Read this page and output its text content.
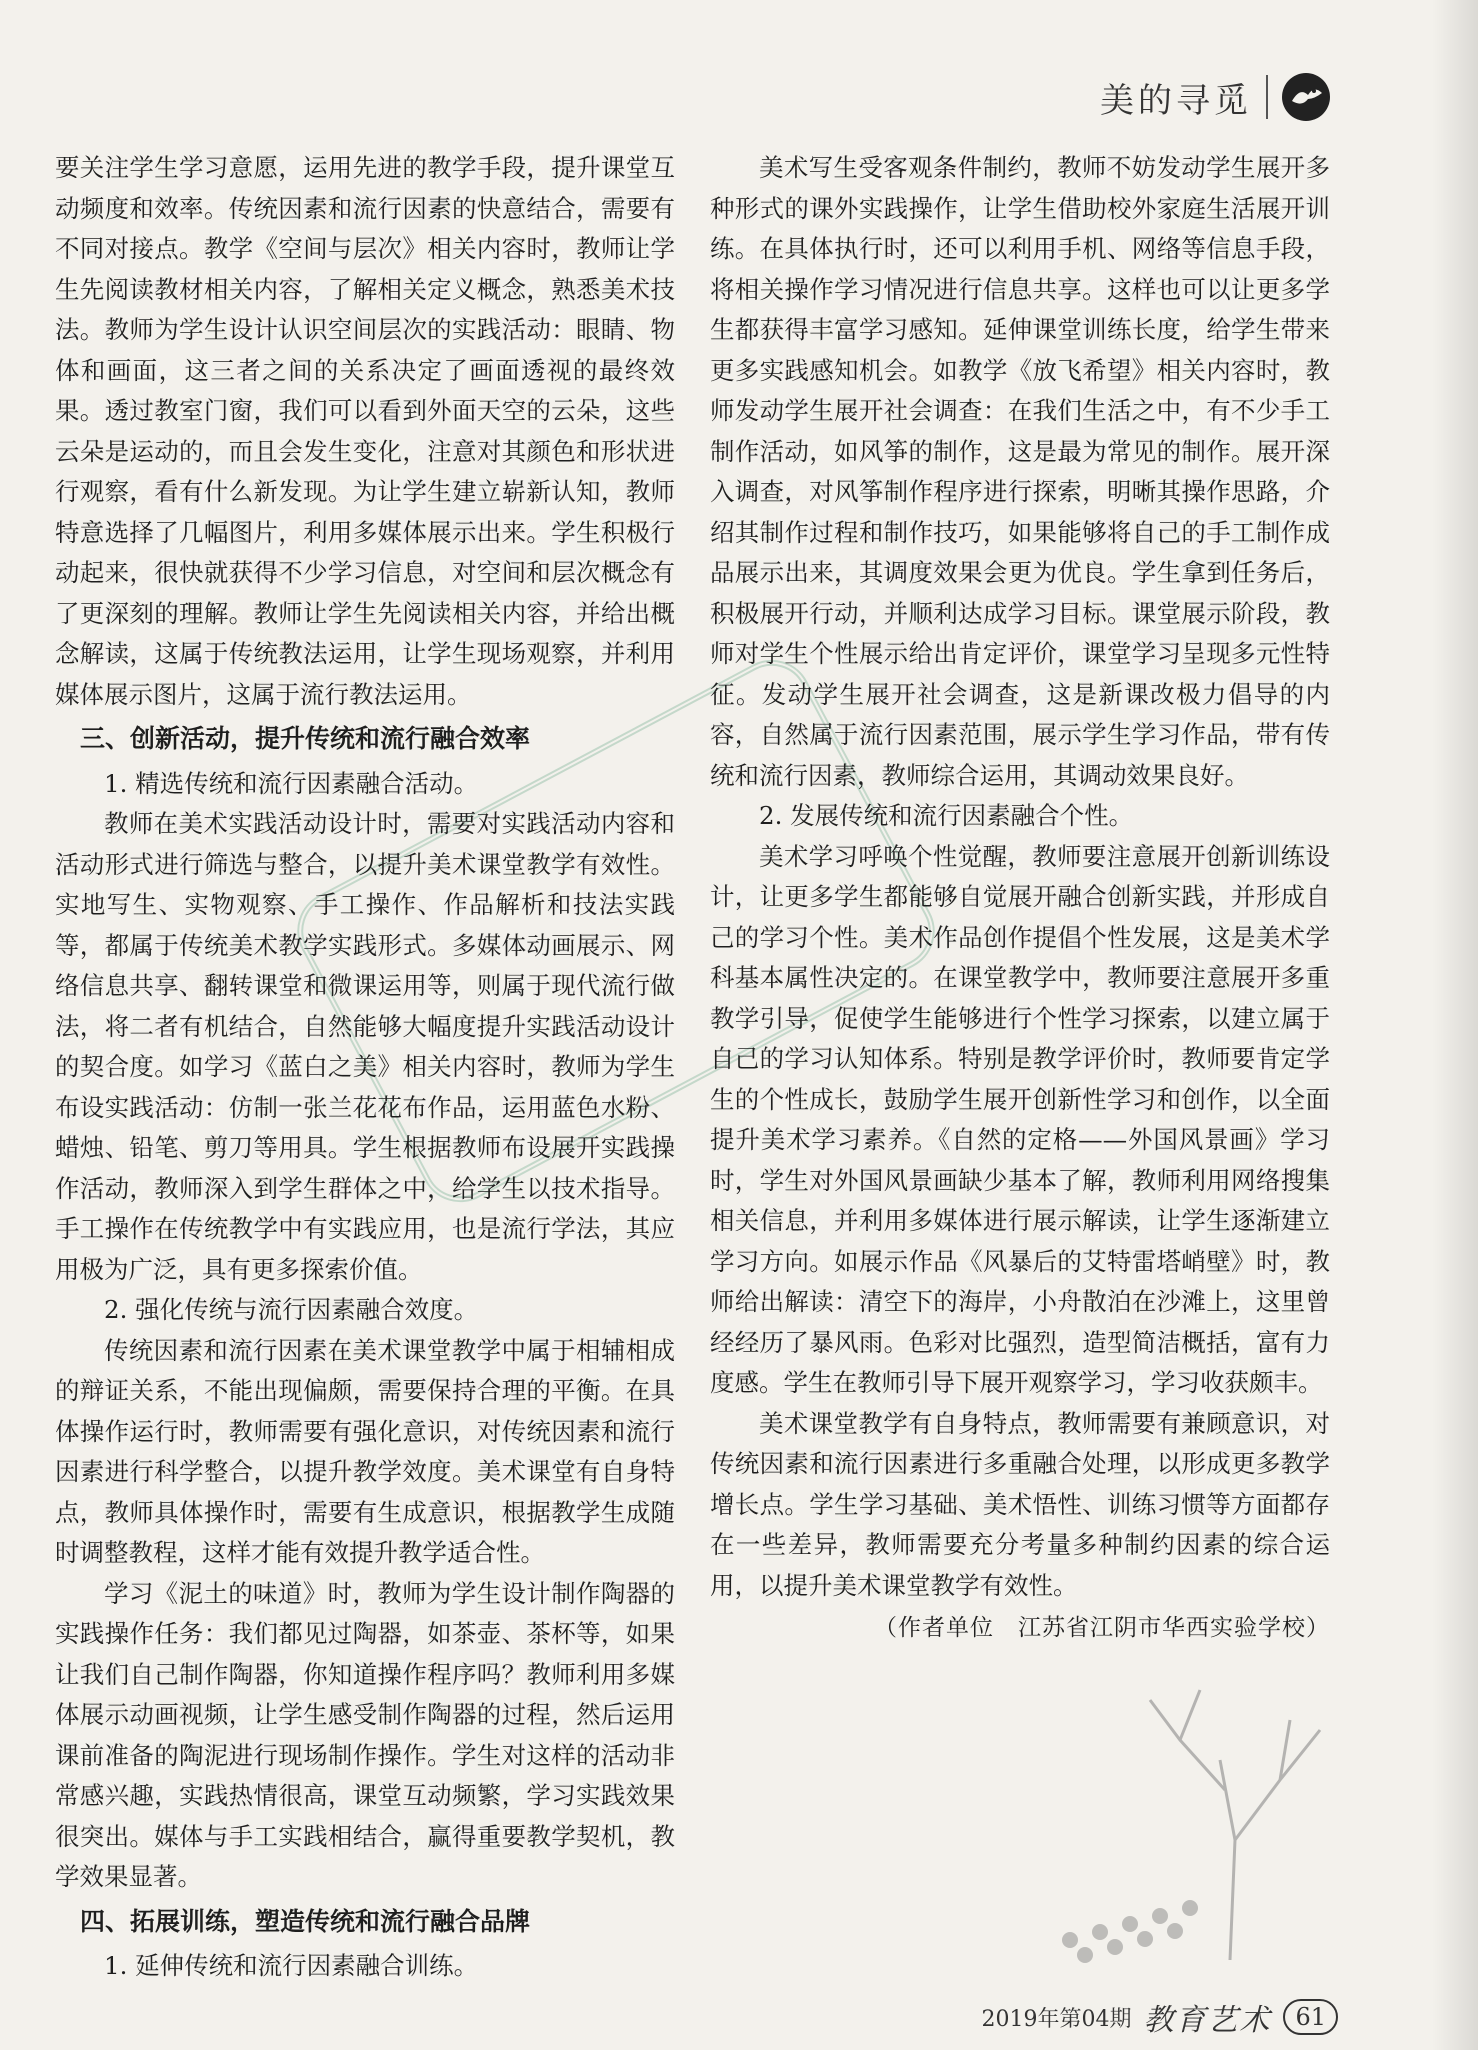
美的寻觅

要关注学生学习意愿，运用先进的教学手段，提升课堂互动频度和效率。传统因素和流行因素的快意结合，需要有不同对接点。教学《空间与层次》相关内容时，教师让学生先阅读教材相关内容，了解相关定义概念，熟悉美术技法。教师为学生设计认识空间层次的实践活动：眼睛、物体和画面，这三者之间的关系决定了画面透视的最终效果。透过教室门窗，我们可以看到外面天空的云朵，这些云朵是运动的，而且会发生变化，注意对其颜色和形状进行观察，看有什么新发现。为让学生建立崭新认知，教师特意选择了几幅图片，利用多媒体展示出来。学生积极行动起来，很快就获得不少学习信息，对空间和层次概念有了更深刻的理解。教师让学生先阅读相关内容，并给出概念解读，这属于传统教法运用，让学生现场观察，并利用媒体展示图片，这属于流行教法运用。

三、创新活动，提升传统和流行融合效率

1. 精选传统和流行因素融合活动。

教师在美术实践活动设计时，需要对实践活动内容和活动形式进行筛选与整合，以提升美术课堂教学有效性。实地写生、实物观察、手工操作、作品解析和技法实践等，都属于传统美术教学实践形式。多媒体动画展示、网络信息共享、翻转课堂和微课运用等，则属于现代流行做法，将二者有机结合，自然能够大幅度提升实践活动设计的契合度。如学习《蓝白之美》相关内容时，教师为学生布设实践活动：仿制一张兰花花布作品，运用蓝色水粉、蜡烛、铅笔、剪刀等用具。学生根据教师布设展开实践操作活动，教师深入到学生群体之中，给学生以技术指导。手工操作在传统教学中有实践应用，也是流行学法，其应用极为广泛，具有更多探索价值。

2. 强化传统与流行因素融合效度。

传统因素和流行因素在美术课堂教学中属于相辅相成的辩证关系，不能出现偏颇，需要保持合理的平衡。在具体操作运行时，教师需要有强化意识，对传统因素和流行因素进行科学整合，以提升教学效度。美术课堂有自身特点，教师具体操作时，需要有生成意识，根据教学生成随时调整教程，这样才能有效提升教学适合性。

学习《泥土的味道》时，教师为学生设计制作陶器的实践操作任务：我们都见过陶器，如茶壶、茶杯等，如果让我们自己制作陶器，你知道操作程序吗？教师利用多媒体展示动画视频，让学生感受制作陶器的过程，然后运用课前准备的陶泥进行现场制作操作。学生对这样的活动非常感兴趣，实践热情很高，课堂互动频繁，学习实践效果很突出。媒体与手工实践相结合，赢得重要教学契机，教学效果显著。

四、拓展训练，塑造传统和流行融合品牌

1. 延伸传统和流行因素融合训练。

美术写生受客观条件制约，教师不妨发动学生展开多种形式的课外实践操作，让学生借助校外家庭生活展开训练。在具体执行时，还可以利用手机、网络等信息手段，将相关操作学习情况进行信息共享。这样也可以让更多学生都获得丰富学习感知。延伸课堂训练长度，给学生带来更多实践感知机会。如教学《放飞希望》相关内容时，教师发动学生展开社会调查：在我们生活之中，有不少手工制作活动，如风筝的制作，这是最为常见的制作。展开深入调查，对风筝制作程序进行探索，明晰其操作思路，介绍其制作过程和制作技巧，如果能够将自己的手工制作成品展示出来，其调度效果会更为优良。学生拿到任务后，积极展开行动，并顺利达成学习目标。课堂展示阶段，教师对学生个性展示给出肯定评价，课堂学习呈现多元性特征。发动学生展开社会调查，这是新课改极力倡导的内容，自然属于流行因素范围，展示学生学习作品，带有传统和流行因素，教师综合运用，其调动效果良好。

2. 发展传统和流行因素融合个性。

美术学习呼唤个性觉醒，教师要注意展开创新训练设计，让更多学生都能够自觉展开融合创新实践，并形成自己的学习个性。美术作品创作提倡个性发展，这是美术学科基本属性决定的。在课堂教学中，教师要注意展开多重教学引导，促使学生能够进行个性学习探索，以建立属于自己的学习认知体系。特别是教学评价时，教师要肯定学生的个性成长，鼓励学生展开创新性学习和创作，以全面提升美术学习素养。《自然的定格——外国风景画》学习时，学生对外国风景画缺少基本了解，教师利用网络搜集相关信息，并利用多媒体进行展示解读，让学生逐渐建立学习方向。如展示作品《风暴后的艾特雷塔峭壁》时，教师给出解读：清空下的海岸，小舟散泊在沙滩上，这里曾经经历了暴风雨。色彩对比强烈，造型简洁概括，富有力度感。学生在教师引导下展开观察学习，学习收获颇丰。

美术课堂教学有自身特点，教师需要有兼顾意识，对传统因素和流行因素进行多重融合处理，以形成更多教学增长点。学生学习基础、美术悟性、训练习惯等方面都存在一些差异，教师需要充分考量多种制约因素的综合运用，以提升美术课堂教学有效性。

（作者单位　江苏省江阴市华西实验学校）
2019年第04期 教育艺术	61
